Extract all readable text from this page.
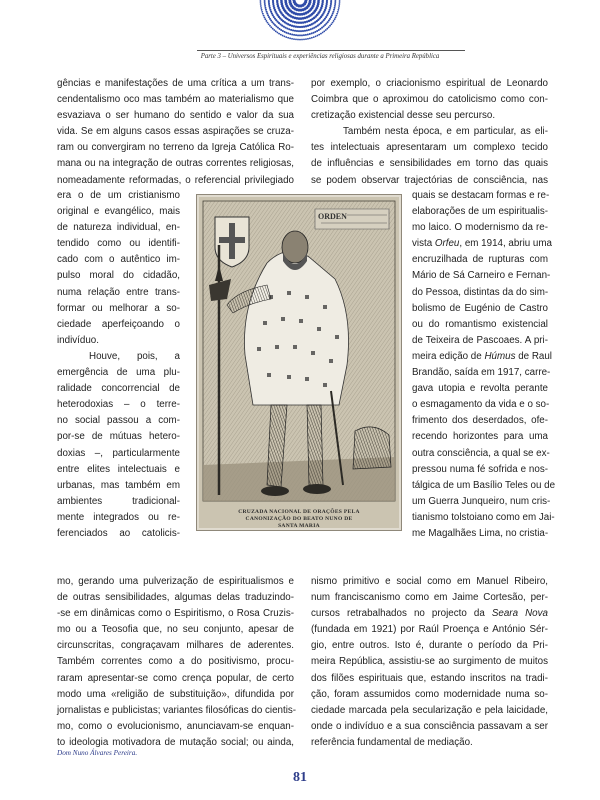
Parte 3 – Universos Espirituais e experiências religiosas durante a Primeira República
gências e manifestações de uma crítica a um trans-
cendentalismo oco mas também ao materialismo que
esvaziava o ser humano do sentido e valor da sua
vida. Se em alguns casos essas aspirações se cruza-
ram ou convergiram no terreno da Igreja Católica Ro-
mana ou na integração de outras correntes religiosas,
nomeadamente reformadas, o referencial privilegiado
era o de um cristianismo
original e evangélico, mais
de natureza individual, en-
tendido como ou identifi-
cado com o autêntico im-
pulso moral do cidadão,
numa relação entre trans-
formar ou melhorar a so-
ciedade aperfeiçoando o
indivíduo.
Houve, pois, a
emergência de uma plu-
ralidade concorrencial de
heterodoxias – o terre-
no social passou a com-
por-se de mútuas hetero-
doxias –, particularmente
entre elites intelectuais e
urbanas, mas também em
ambientes tradicional-
mente integrados ou re-
ferenciados ao catolicis-
mo, gerando uma pulverização de espiritualismos e
de outras sensibilidades, algumas delas traduzindo-
-se em dinâmicas como o Espiritismo, o Rosa Cruzis-
mo ou a Teosofia que, no seu conjunto, apesar de
circunscritas, congraçavam milhares de aderentes.
Também correntes como a do positivismo, procu-
raram apresentar-se como crença popular, de certo
modo uma «religião de substituição», difundida por
jornalistas e publicistas; variantes filosóficas do cientis-
mo, como o evolucionismo, anunciavam-se enquan-
to ideologia motivadora de mutação social; ou ainda,
por exemplo, o criacionismo espiritual de Leonardo
Coimbra que o aproximou do catolicismo como con-
cretização existencial desse seu percurso.
Também nesta época, e em particular, as eli-
tes intelectuais apresentaram um complexo tecido
de influências e sensibilidades em torno das quais
se podem observar trajectórias de consciência, nas
quais se destacam formas e re-
elaborações de um espiritualis-
mo laico. O modernismo da re-
vista Orfeu, em 1914, abriu uma
encruzilhada de rupturas com
Mário de Sá Carneiro e Fernan-
do Pessoa, distintas da do sim-
bolismo de Eugénio de Castro
ou do romantismo existencial
de Teixeira de Pascoaes. A pri-
meira edição de Húmus de Raul
Brandão, saída em 1917, carre-
gava utopia e revolta perante
o esmagamento da vida e o so-
frimento dos deserdados, ofe-
recendo horizontes para uma
outra consciência, a qual se ex-
pressou numa fé sofrida e nos-
tálgica de um Basílio Teles ou de
um Guerra Junqueiro, num cris-
tianismo tolstoiano como em Jai-
me Magalhães Lima, no cristia-
nismo primitivo e social como em Manuel Ribeiro,
num franciscanismo como em Jaime Cortesão, per-
cursos retrabalhados no projecto da Seara Nova
(fundada em 1921) por Raúl Proença e António Sér-
gio, entre outros. Isto é, durante o período da Pri-
meira República, assistiu-se ao surgimento de muitos
dos filões espirituais que, estando inscritos na tradi-
ção, foram assumidos como modernidade numa so-
ciedade marcada pela secularização e pela laicidade,
onde o indivíduo e a sua consciência passavam a ser
referência fundamental de mediação.
ORDEN
CRUZADA NACIONAL DE ORAÇÕES PELA
CANONIZAÇÃO DO BEATO NUNO DE
SANTA MARIA
Dom Nuno Álvares Pereira.
81
